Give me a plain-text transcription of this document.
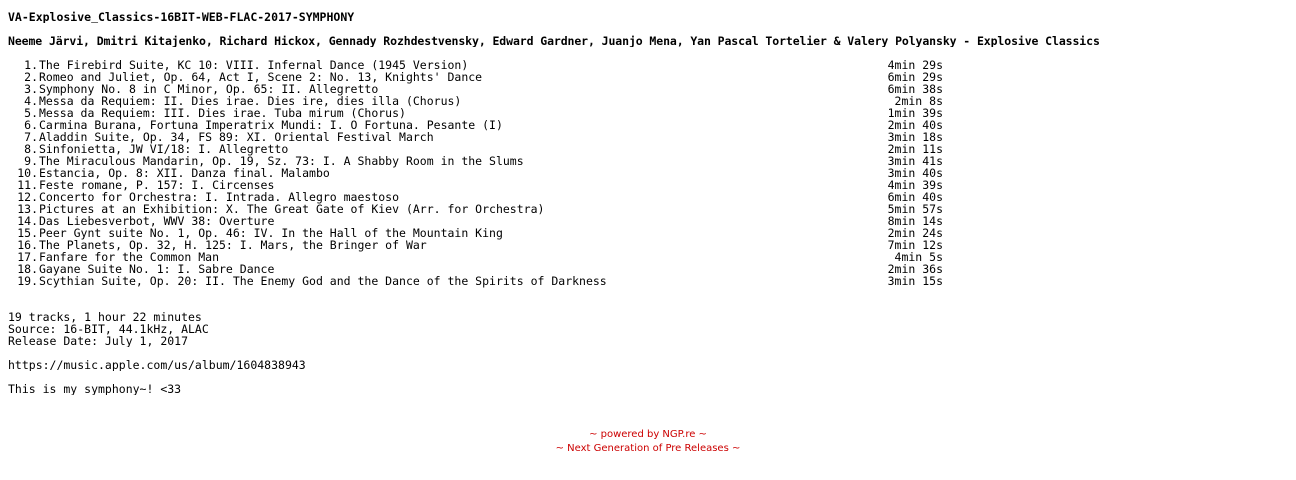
VA-Explosive_Classics-16BIT-WEB-FLAC-2017-SYMPHONY
Neeme Järvi, Dmitri Kitajenko, Richard Hickox, Gennady Rozhdestvensky, Edward Gardner, Juanjo Mena, Yan Pascal Tortelier & Valery Polyansky - Explosive Classics
1. The Firebird Suite, KC 10: VIII. Infernal Dance (1945 Version)	4min 29s
2. Romeo and Juliet, Op. 64, Act I, Scene 2: No. 13, Knights' Dance	6min 29s
3. Symphony No. 8 in C Minor, Op. 65: II. Allegretto	6min 38s
4. Messa da Requiem: II. Dies irae. Dies ire, dies illa (Chorus)	2min 8s
5. Messa da Requiem: III. Dies irae. Tuba mirum (Chorus)	1min 39s
6. Carmina Burana, Fortuna Imperatrix Mundi: I. O Fortuna. Pesante (I)	2min 40s
7. Aladdin Suite, Op. 34, FS 89: XI. Oriental Festival March	3min 18s
8. Sinfonietta, JW VI/18: I. Allegretto	2min 11s
9. The Miraculous Mandarin, Op. 19, Sz. 73: I. A Shabby Room in the Slums	3min 41s
10. Estancia, Op. 8: XII. Danza final. Malambo	3min 40s
11. Feste romane, P. 157: I. Circenses	4min 39s
12. Concerto for Orchestra: I. Intrada. Allegro maestoso	6min 40s
13. Pictures at an Exhibition: X. The Great Gate of Kiev (Arr. for Orchestra)	5min 57s
14. Das Liebesverbot, WWV 38: Overture	8min 14s
15. Peer Gynt suite No. 1, Op. 46: IV. In the Hall of the Mountain King	2min 24s
16. The Planets, Op. 32, H. 125: I. Mars, the Bringer of War	7min 12s
17. Fanfare for the Common Man	4min 5s
18. Gayane Suite No. 1: I. Sabre Dance	2min 36s
19. Scythian Suite, Op. 20: II. The Enemy God and the Dance of the Spirits of Darkness	3min 15s
19 tracks, 1 hour 22 minutes
Source: 16-BIT, 44.1kHz, ALAC
Release Date: July 1, 2017
https://music.apple.com/us/album/1604838943
This is my symphony~! <33
~ powered by NGP.re ~
~ Next Generation of Pre Releases ~
